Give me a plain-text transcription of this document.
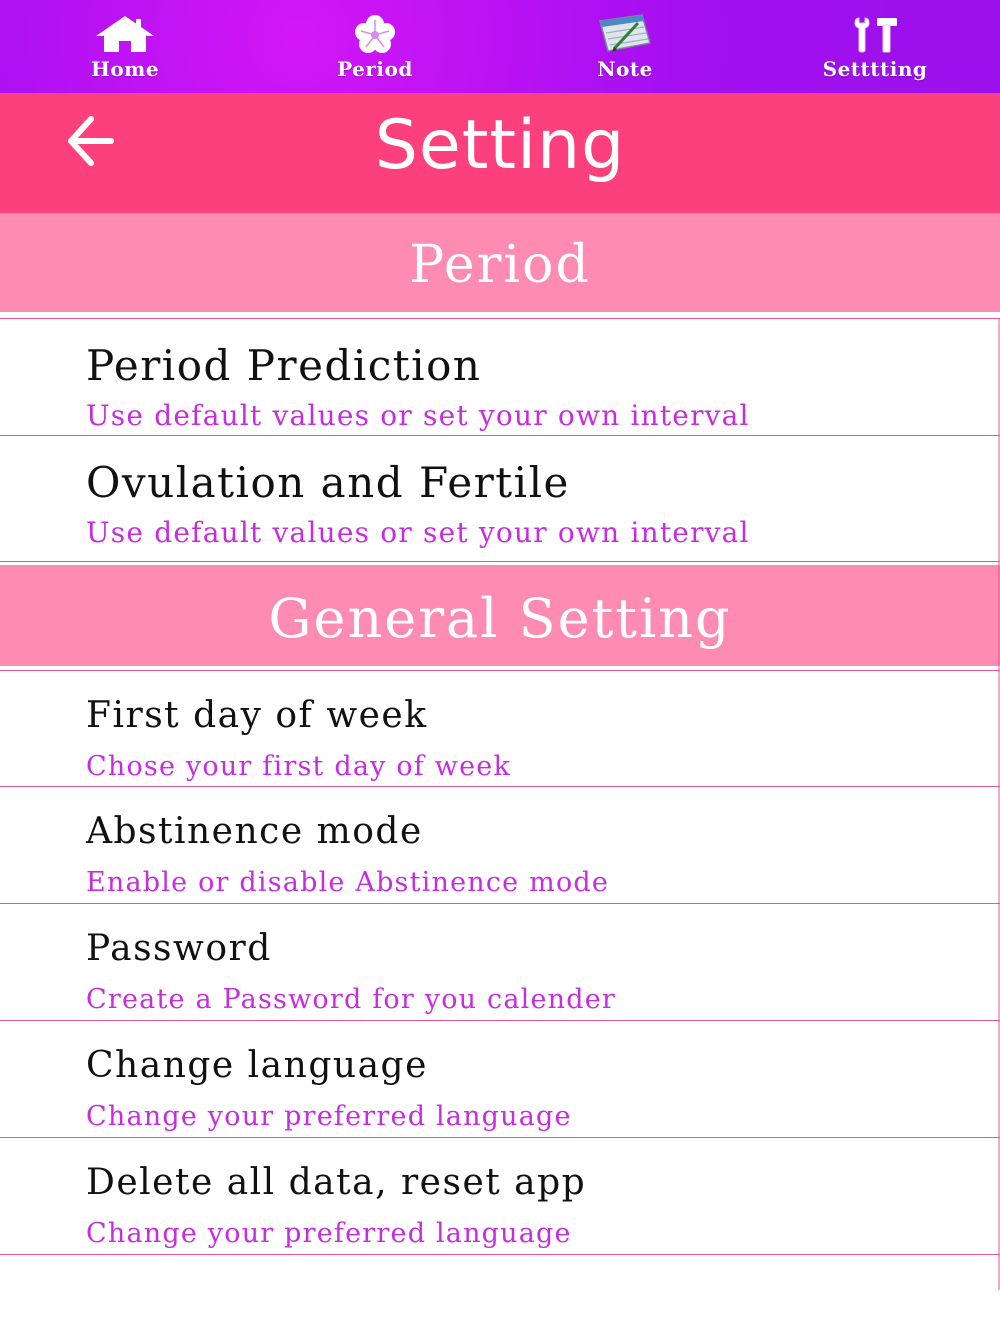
Home	Period	Note	Setttting
Setting
Period
Period Prediction
Use default values or set your own interval
Ovulation and Fertile
Use default values or set your own interval
General Setting
First day of week
Chose your first day of week
Abstinence mode
Enable or disable Abstinence mode
Password
Create a Password for you calender
Change language
Change your preferred language
Delete all data, reset app
Change your preferred language
